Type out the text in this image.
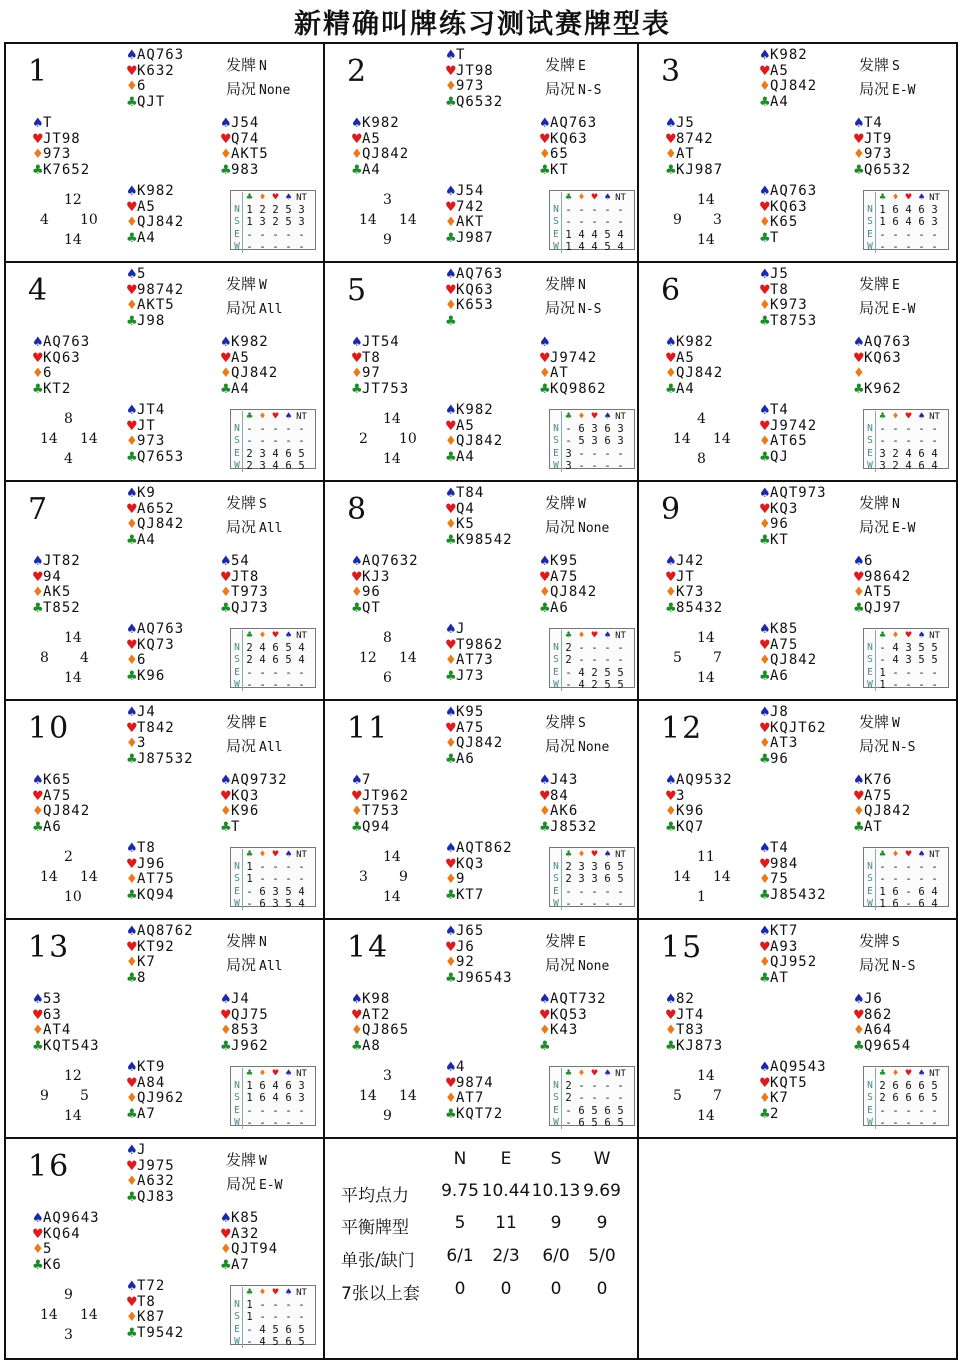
新精确叫牌练习测试赛牌型表
1	发牌 N
局况 None
♠AQ763
♥K632
♦6
♣QJT
♠T
♥JT98
♦973
♣K7652
♠J54
♥Q74
♦AKT5
♣983
♠K982
♥A5
♦QJ842
♣A4
12
4 10
14
	♣	♦	♥	♠	NT
N	1	2	2	5	3
S	1	3	2	5	3
E	-	-	-	-	-
W	-	-	-	-	-
2	发牌 E
局况 N-S
♠T
♥JT98
♦973
♣Q6532
♠K982
♥A5
♦QJ842
♣A4
♠AQ763
♥KQ63
♦65
♣KT
♠J54
♥742
♦AKT
♣J987
3
14 14
9
	♣	♦	♥	♠	NT
N	-	-	-	-	-
S	-	-	-	-	-
E	1	4	4	5	4
W	1	4	4	5	4
3	发牌 S
局况 E-W
♠K982
♥A5
♦QJ842
♣A4
♠J5
♥8742
♦AT
♣KJ987
♠T4
♥JT9
♦973
♣Q6532
♠AQ763
♥KQ63
♦K65
♣T
14
9 3
14
	♣	♦	♥	♠	NT
N	1	6	4	6	3
S	1	6	4	6	3
E	-	-	-	-	-
W	-	-	-	-	-
4	发牌 W
局况 All
♠5
♥98742
♦AKT5
♣J98
♠AQ763
♥KQ63
♦6
♣KT2
♠K982
♥A5
♦QJ842
♣A4
♠JT4
♥JT
♦973
♣Q7653
8
14 14
4
	♣	♦	♥	♠	NT
N	-	-	-	-	-
S	-	-	-	-	-
E	2	3	4	6	5
W	2	3	4	6	5
5	发牌 N
局况 N-S
♠AQ763
♥KQ63
♦K653
♣
♠JT54
♥T8
♦97
♣JT753
♠
♥J9742
♦AT
♣KQ9862
♠K982
♥A5
♦QJ842
♣A4
14
2 10
14
	♣	♦	♥	♠	NT
N	-	6	3	6	3
S	-	5	3	6	3
E	3	-	-	-	-
W	3	-	-	-	-
6	发牌 E
局况 E-W
♠J5
♥T8
♦K973
♣T8753
♠K982
♥A5
♦QJ842
♣A4
♠AQ763
♥KQ63
♦
♣K962
♠T4
♥J9742
♦AT65
♣QJ
4
14 14
8
	♣	♦	♥	♠	NT
N	-	-	-	-	-
S	-	-	-	-	-
E	3	2	4	6	4
W	3	2	4	6	4
7	发牌 S
局况 All
♠K9
♥A652
♦QJ842
♣A4
♠JT82
♥94
♦AK5
♣T852
♠54
♥JT8
♦T973
♣QJ73
♠AQ763
♥KQ73
♦6
♣K96
14
8 4
14
	♣	♦	♥	♠	NT
N	2	4	6	5	4
S	2	4	6	5	4
E	-	-	-	-	-
W	-	-	-	-	-
8	发牌 W
局况 None
♠T84
♥Q4
♦K5
♣K98542
♠AQ7632
♥KJ3
♦96
♣QT
♠K95
♥A75
♦QJ842
♣A6
♠J
♥T9862
♦AT73
♣J73
8
12 14
6
	♣	♦	♥	♠	NT
N	2	-	-	-	-
S	2	-	-	-	-
E	-	4	2	5	5
W	-	4	2	5	5
9	发牌 N
局况 E-W
♠AQT973
♥KQ3
♦96
♣KT
♠J42
♥JT
♦K73
♣85432
♠6
♥98642
♦AT5
♣QJ97
♠K85
♥A75
♦QJ842
♣A6
14
5 7
14
	♣	♦	♥	♠	NT
N	-	4	3	5	5
S	-	4	3	5	5
E	1	-	-	-	-
W	1	-	-	-	-
10	发牌 E
局况 All
♠J4
♥T842
♦3
♣J87532
♠K65
♥A75
♦QJ842
♣A6
♠AQ9732
♥KQ3
♦K96
♣T
♠T8
♥J96
♦AT75
♣KQ94
2
14 14
10
	♣	♦	♥	♠	NT
N	1	-	-	-	-
S	1	-	-	-	-
E	-	6	3	5	4
W	-	6	3	5	4
11	发牌 S
局况 None
♠K95
♥A75
♦QJ842
♣A6
♠7
♥JT962
♦T753
♣Q94
♠J43
♥84
♦AK6
♣J8532
♠AQT862
♥KQ3
♦9
♣KT7
14
3 9
14
	♣	♦	♥	♠	NT
N	2	3	3	6	5
S	2	3	3	6	5
E	-	-	-	-	-
W	-	-	-	-	-
12	发牌 W
局况 N-S
♠J8
♥KQJT62
♦AT3
♣96
♠AQ9532
♥3
♦K96
♣KQ7
♠K76
♥A75
♦QJ842
♣AT
♠T4
♥984
♦75
♣J85432
11
14 14
1
	♣	♦	♥	♠	NT
N	-	-	-	-	-
S	-	-	-	-	-
E	1	6	-	6	4
W	1	6	-	6	4
13	发牌 N
局况 All
♠AQ8762
♥KT92
♦K7
♣8
♠53
♥63
♦AT4
♣KQT543
♠J4
♥QJ75
♦853
♣J962
♠KT9
♥A84
♦QJ962
♣A7
12
9 5
14
	♣	♦	♥	♠	NT
N	1	6	4	6	3
S	1	6	4	6	3
E	-	-	-	-	-
W	-	-	-	-	-
14	发牌 E
局况 None
♠J65
♥J6
♦92
♣J96543
♠K98
♥AT2
♦QJ865
♣A8
♠AQT732
♥KQ53
♦K43
♣
♠4
♥9874
♦AT7
♣KQT72
3
14 14
9
	♣	♦	♥	♠	NT
N	2	-	-	-	-
S	2	-	-	-	-
E	-	6	5	6	5
W	-	6	5	6	5
15	发牌 S
局况 N-S
♠KT7
♥A93
♦QJ952
♣AT
♠82
♥JT4
♦T83
♣KJ873
♠J6
♥862
♦A64
♣Q9654
♠AQ9543
♥KQT5
♦K7
♣2
14
5 7
14
	♣	♦	♥	♠	NT
N	2	6	6	6	5
S	2	6	6	6	5
E	-	-	-	-	-
W	-	-	-	-	-
16	发牌 W
局况 E-W
♠J
♥J975
♦A632
♣QJ83
♠AQ9643
♥KQ64
♦5
♣K6
♠K85
♥A32
♦QJT94
♣A7
♠T72
♥T8
♦K87
♣T9542
9
14 14
3
	♣	♦	♥	♠	NT
N	1	-	-	-	-
S	1	-	-	-	-
E	-	4	5	6	5
W	-	4	5	6	5
N	E	S	W
平均点力	9.75 10.44 10.13 9.69
平衡牌型	5	11	9	9
单张/缺门	6/1	2/3	6/0	5/0
7张以上套	0	0	0	0
